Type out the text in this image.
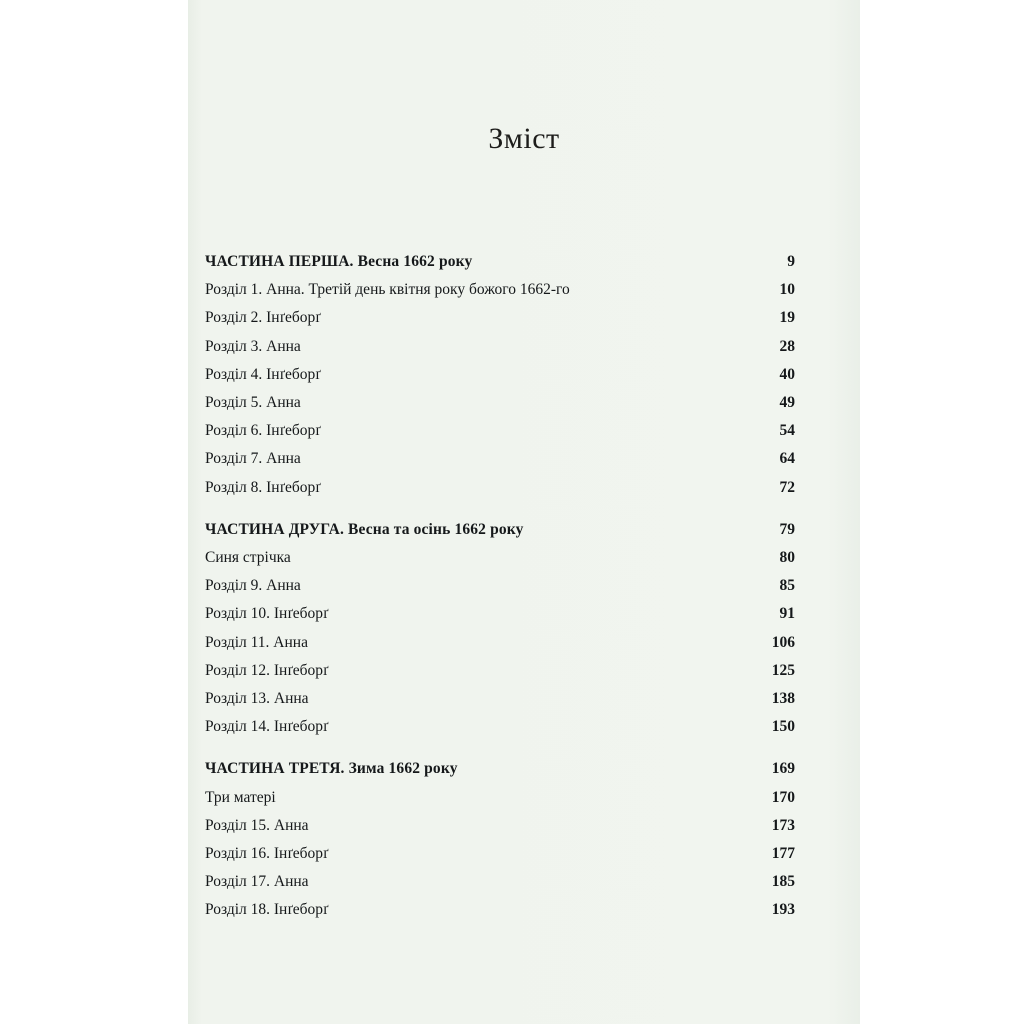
Зміст
ЧАСТИНА ПЕРША. Весна 1662 року .....	9
Розділ 1. Анна. Третій день квітня року божого 1662-го .....	10
Розділ 2. Інґеборґ .....	19
Розділ 3. Анна .....	28
Розділ 4. Інґеборґ .....	40
Розділ 5. Анна .....	49
Розділ 6. Інґеборґ .....	54
Розділ 7. Анна .....	64
Розділ 8. Інґеборґ .....	72
ЧАСТИНА ДРУГА. Весна та осінь 1662 року .....	79
Синя стрічка .....	80
Розділ 9. Анна .....	85
Розділ 10. Інґеборґ .....	91
Розділ 11. Анна .....	106
Розділ 12. Інґеборґ .....	125
Розділ 13. Анна .....	138
Розділ 14. Інґеборґ .....	150
ЧАСТИНА ТРЕТЯ. Зима 1662 року .....	169
Три матері .....	170
Розділ 15. Анна .....	173
Розділ 16. Інґеборґ .....	177
Розділ 17. Анна .....	185
Розділ 18. Інґеборґ .....	193
